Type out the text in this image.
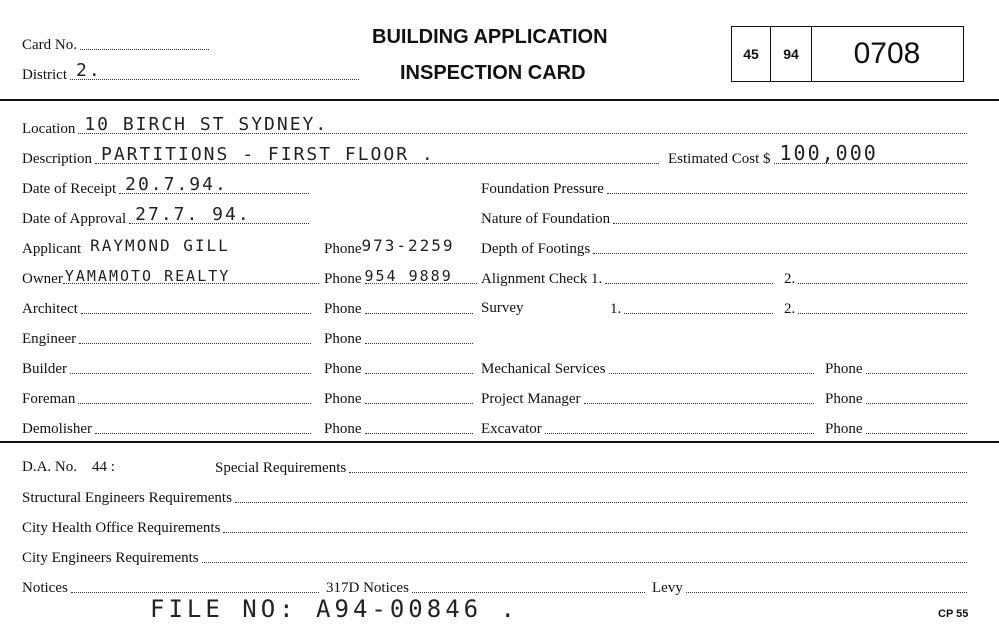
Card No.
District 2.
BUILDING APPLICATION
INSPECTION CARD
45	94	0708
Location 10 BIRCH ST SYDNEY.
Description PARTITIONS - FIRST FLOOR .	Estimated Cost $ 100,000
Date of Receipt 20.7.94.	Foundation Pressure
Date of Approval 27.7. 94.	Nature of Foundation
Applicant RAYMOND GILL	Phone 973-2259 Depth of Footings
Owner YAMAMOTO REALTY	Phone 954 9889 Alignment Check 1.	2.
Architect	Phone	Survey	1.	2.
Engineer	Phone
Builder	Phone	Mechanical Services	Phone
Foreman	Phone	Project Manager	Phone
Demolisher	Phone	Excavator	Phone
D.A. No. 44 :	Special Requirements
Structural Engineers Requirements
City Health Office Requirements
City Engineers Requirements
Notices	317D Notices	Levy
FILE NO: A94-00846 .	CP 55
